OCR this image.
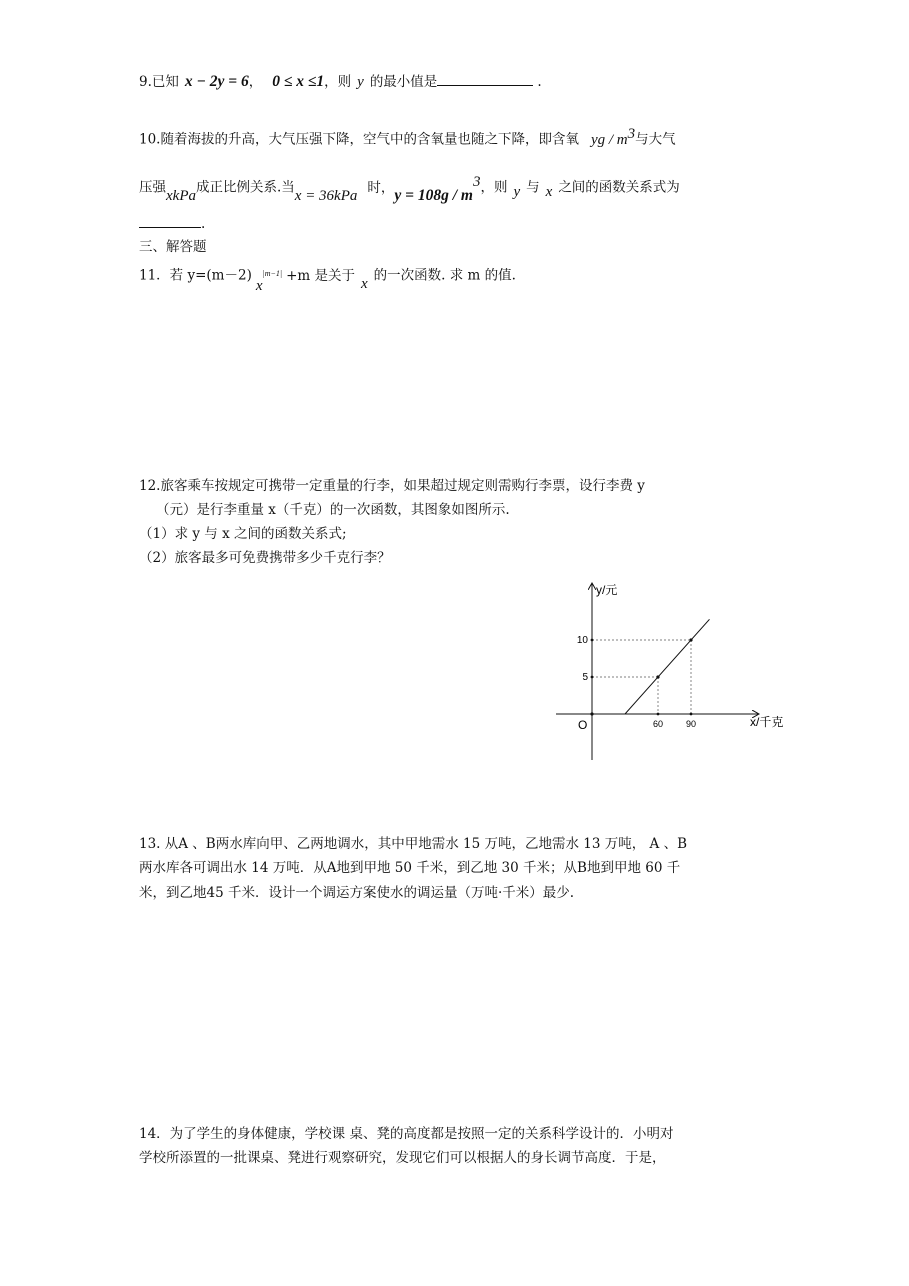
9.已知 x − 2y = 6， 0 ≤ x ≤1，则 y 的最小值是	.
10.随着海拔的升高，大气压强下降，空气中的含氧量也随之下降，即含氧 yg / $m^3$与大气
压强xkPa成正比例关系.当x = 36kPa 时，$y = 108g / m^3$，则 y 与 x 之间的函数关系式为
.
三、解答题
11．若 $y=(m-2)x^{|m-1|} +m$ 是关于 x 的一次函数. 求 m 的值.
12.旅客乘车按规定可携带一定重量的行李，如果超过规定则需购行李票，设行李费 y
（元）是行李重量 x（千克）的一次函数，其图象如图所示.
（1）求 y 与 x 之间的函数关系式;
（2）旅客最多可免费携带多少千克行李？
x/千克
y/元
O	60	90
5
10
13. 从A 、B两水库向甲、乙两地调水，其中甲地需水 15 万吨，乙地需水 13 万吨， A 、B
两水库各可调出水 14 万吨．从A地到甲地 50 千米，到乙地 30 千米；从B地到甲地 60 千
米，到乙地45 千米．设计一个调运方案使水的调运量（万吨·千米）最少.
14．为了学生的身体健康，学校课 桌、凳的高度都是按照一定的关系科学设计的．小明对
学校所添置的一批课桌、凳进行观察研究，发现它们可以根据人的身长调节高度．于是，
